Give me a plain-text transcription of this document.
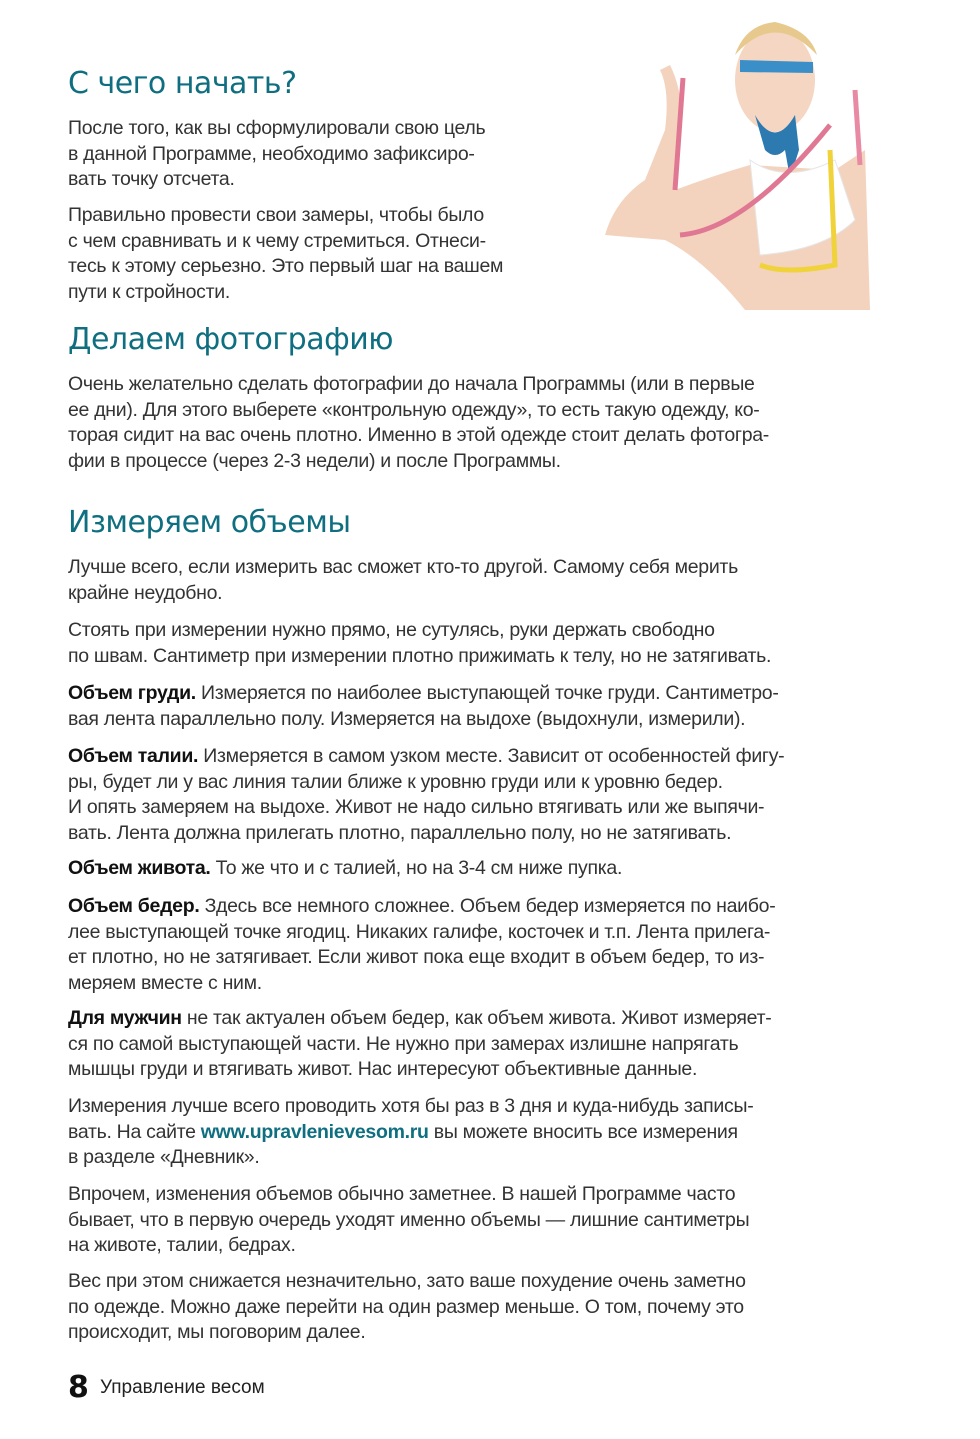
С чего начать?

После того, как вы сформулировали свою цель

в данной Программе, необходимо зафиксиро-

вать точку отсчета.

Правильно провести свои замеры, чтобы было

с чем сравнивать и к чему стремиться. Отнеси-

тесь к этому серьезно. Это первый шаг на вашем

пути к стройности.

Делаем фотографию

Очень желательно сделать фотографии до начала Программы (или в первые

ее дни). Для этого выберете «контрольную одежду», то есть такую одежду, ко-

торая сидит на вас очень плотно. Именно в этой одежде стоит делать фотогра-

фии в процессе (через 2-3 недели) и после Программы.

Измеряем объемы

Лучше всего, если измерить вас сможет кто-то другой. Самому себя мерить

крайне неудобно.

Стоять при измерении нужно прямо, не сутулясь, руки держать свободно

по швам. Сантиметр при измерении плотно прижимать к телу, но не затягивать.

Объем груди. Измеряется по наиболее выступающей точке груди. Сантиметро-

вая лента параллельно полу. Измеряется на выдохе (выдохнули, измерили).

Объем талии. Измеряется в самом узком месте. Зависит от особенностей фигу-

ры, будет ли у вас линия талии ближе к уровню груди или к уровню бедер.

И опять замеряем на выдохе. Живот не надо сильно втягивать или же выпячи-

вать. Лента должна прилегать плотно, параллельно полу, но не затягивать.

Объем живота. То же что и с талией, но на 3-4 см ниже пупка.

Объем бедер. Здесь все немного сложнее. Объем бедер измеряется по наибо-

лее выступающей точке ягодиц. Никаких галифе, косточек и т.п. Лента прилега-

ет плотно, но не затягивает. Если живот пока еще входит в объем бедер, то из-

меряем вместе с ним.

Для мужчин не так актуален объем бедер, как объем живота. Живот измеряет-

ся по самой выступающей части. Не нужно при замерах излишне напрягать

мышцы груди и втягивать живот. Нас интересуют объективные данные.

Измерения лучше всего проводить хотя бы раз в 3 дня и куда-нибудь записы-

вать. На сайте www.upravlenievesom.ru вы можете вносить все измерения

в разделе «Дневник».

Впрочем, изменения объемов обычно заметнее. В нашей Программе часто

бывает, что в первую очередь уходят именно объемы — лишние сантиметры

на животе, талии, бедрах.

Вес при этом снижается незначительно, зато ваше похудение очень заметно

по одежде. Можно даже перейти на один размер меньше. О том, почему это

происходит, мы поговорим далее.

8 Управление весом
